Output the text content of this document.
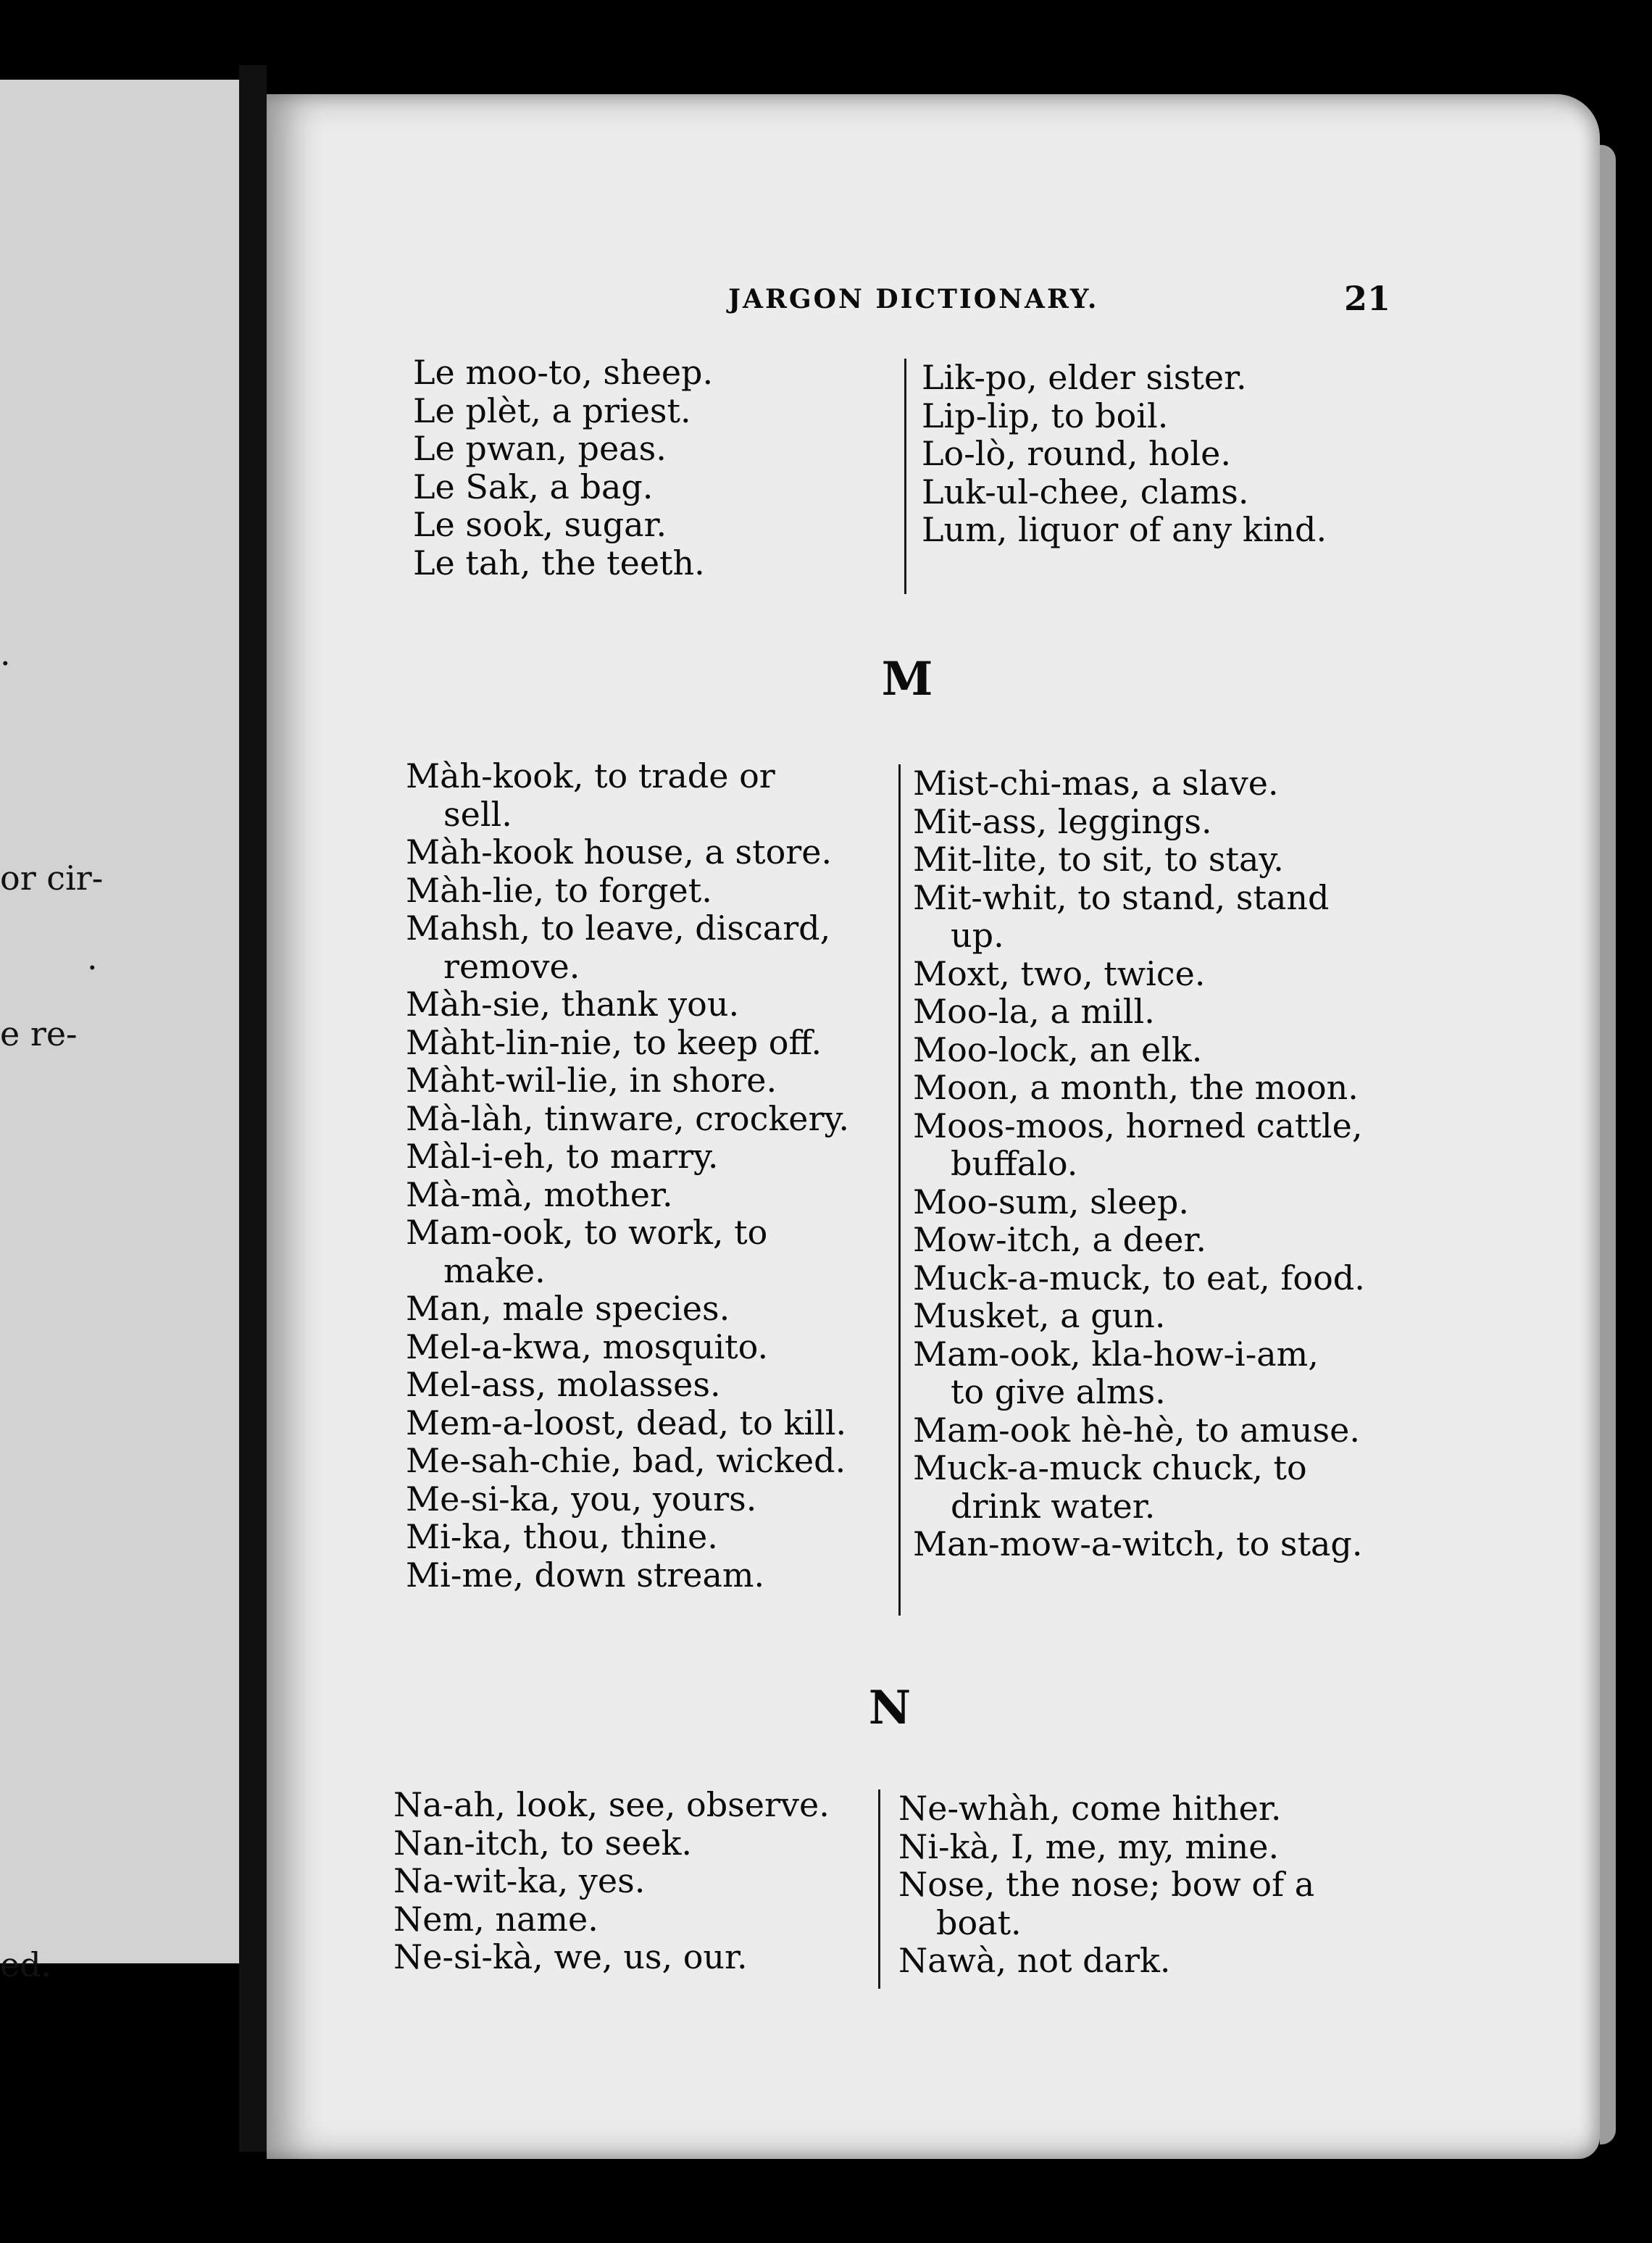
.
or cir-
.
e re-
ed.
JARGON DICTIONARY.	21
Le moo-to, sheep.
Le plèt, a priest.
Le pwan, peas.
Le Sak, a bag.
Le sook, sugar.
Le tah, the teeth.
Lik-po, elder sister.
Lip-lip, to boil.
Lo-lò, round, hole.
Luk-ul-chee, clams.
Lum, liquor of any kind.
M
Màh-kook, to trade or
sell.
Màh-kook house, a store.
Màh-lie, to forget.
Mahsh, to leave, discard,
remove.
Màh-sie, thank you.
Màht-lin-nie, to keep off.
Màht-wil-lie, in shore.
Mà-làh, tinware, crockery.
Màl-i-eh, to marry.
Mà-mà, mother.
Mam-ook, to work, to
make.
Man, male species.
Mel-a-kwa, mosquito.
Mel-ass, molasses.
Mem-a-loost, dead, to kill.
Me-sah-chie, bad, wicked.
Me-si-ka, you, yours.
Mi-ka, thou, thine.
Mi-me, down stream.
Mist-chi-mas, a slave.
Mit-ass, leggings.
Mit-lite, to sit, to stay.
Mit-whit, to stand, stand
up.
Moxt, two, twice.
Moo-la, a mill.
Moo-lock, an elk.
Moon, a month, the moon.
Moos-moos, horned cattle,
buffalo.
Moo-sum, sleep.
Mow-itch, a deer.
Muck-a-muck, to eat, food.
Musket, a gun.
Mam-ook, kla-how-i-am,
to give alms.
Mam-ook hè-hè, to amuse.
Muck-a-muck chuck, to
drink water.
Man-mow-a-witch, to stag.
N
Na-ah, look, see, observe.
Nan-itch, to seek.
Na-wit-ka, yes.
Nem, name.
Ne-si-kà, we, us, our.
Ne-whàh, come hither.
Ni-kà, I, me, my, mine.
Nose, the nose; bow of a
boat.
Nawà, not dark.
